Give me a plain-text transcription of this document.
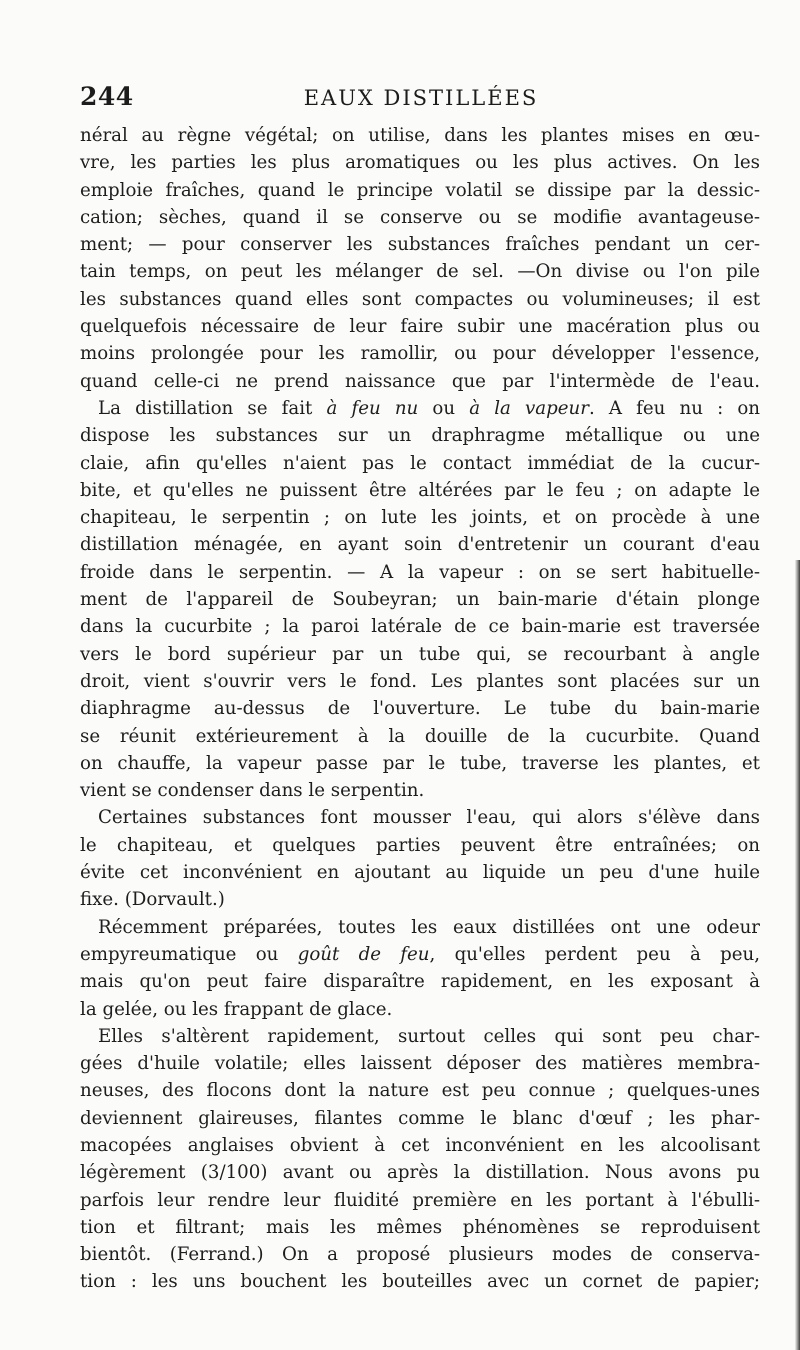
244	EAUX DISTILLÉES
néral au règne végétal; on utilise, dans les plantes mises en œu-
vre, les parties les plus aromatiques ou les plus actives. On les
emploie fraîches, quand le principe volatil se dissipe par la dessic-
cation; sèches, quand il se conserve ou se modifie avantageuse-
ment; — pour conserver les substances fraîches pendant un cer-
tain temps, on peut les mélanger de sel. —On divise ou l'on pile
les substances quand elles sont compactes ou volumineuses; il est
quelquefois nécessaire de leur faire subir une macération plus ou
moins prolongée pour les ramollir, ou pour développer l'essence,
quand celle-ci ne prend naissance que par l'intermède de l'eau.
La distillation se fait à feu nu ou à la vapeur. A feu nu : on
dispose les substances sur un draphragme métallique ou une
claie, afin qu'elles n'aient pas le contact immédiat de la cucur-
bite, et qu'elles ne puissent être altérées par le feu ; on adapte le
chapiteau, le serpentin ; on lute les joints, et on procède à une
distillation ménagée, en ayant soin d'entretenir un courant d'eau
froide dans le serpentin. — A la vapeur : on se sert habituelle-
ment de l'appareil de Soubeyran; un bain-marie d'étain plonge
dans la cucurbite ; la paroi latérale de ce bain-marie est traversée
vers le bord supérieur par un tube qui, se recourbant à angle
droit, vient s'ouvrir vers le fond. Les plantes sont placées sur un
diaphragme au-dessus de l'ouverture. Le tube du bain-marie
se réunit extérieurement à la douille de la cucurbite. Quand
on chauffe, la vapeur passe par le tube, traverse les plantes, et
vient se condenser dans le serpentin.
Certaines substances font mousser l'eau, qui alors s'élève dans
le chapiteau, et quelques parties peuvent être entraînées; on
évite cet inconvénient en ajoutant au liquide un peu d'une huile
fixe. (Dorvault.)
Récemment préparées, toutes les eaux distillées ont une odeur
empyreumatique ou goût de feu, qu'elles perdent peu à peu,
mais qu'on peut faire disparaître rapidement, en les exposant à
la gelée, ou les frappant de glace.
Elles s'altèrent rapidement, surtout celles qui sont peu char-
gées d'huile volatile; elles laissent déposer des matières membra-
neuses, des flocons dont la nature est peu connue ; quelques-unes
deviennent glaireuses, filantes comme le blanc d'œuf ; les phar-
macopées anglaises obvient à cet inconvénient en les alcoolisant
légèrement (3/100) avant ou après la distillation. Nous avons pu
parfois leur rendre leur fluidité première en les portant à l'ébulli-
tion et filtrant; mais les mêmes phénomènes se reproduisent
bientôt. (Ferrand.) On a proposé plusieurs modes de conserva-
tion : les uns bouchent les bouteilles avec un cornet de papier;
